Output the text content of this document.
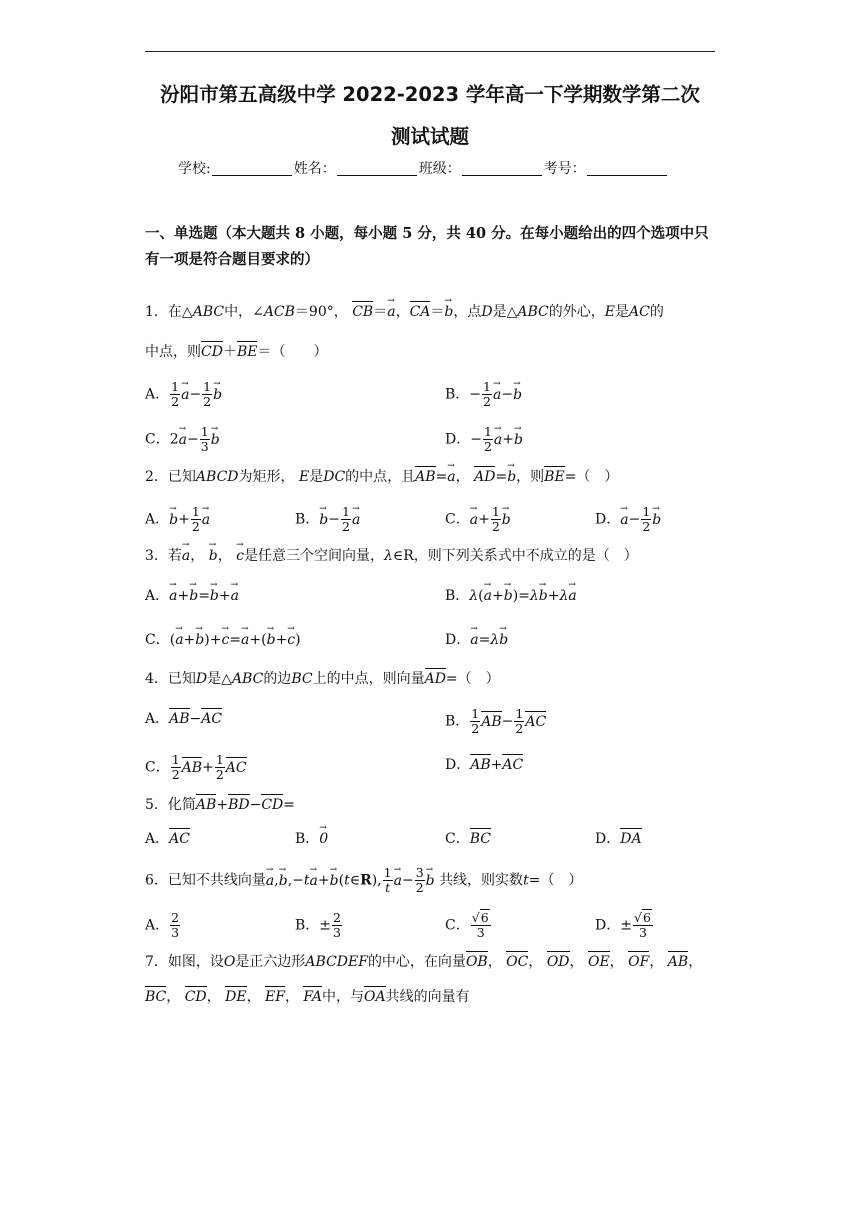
汾阳市第五高级中学 2022-2023 学年高一下学期数学第二次
测试试题
学校:	姓名：	班级：	考号：
一、单选题（本大题共 8 小题，每小题 5 分，共 40 分。在每小题给出的四个选项中只有一项是符合题目要求的）
1．在△ABC中，∠ACB＝90°， CB＝a →，CA＝b →，点D是△ABC的外心，E是AC的
中点，则CD＋BE＝（　　）
A． $\frac{1}{2}$ $a \to- \frac{1}{2}$ b →	B．− $\frac{1}{2}$ a →−b →
C．$2a \to- \frac{1}{3}$ b →	D．− $\frac{1}{2}$ a →+b →
2．已知ABCD为矩形， E是DC的中点，且AB=a →， AD=b →，则BE=（　）
A．$b \to+ \frac{1}{2}$ a →	B．$b \to- \frac{1}{2}$ a →	C．$a \to+ \frac{1}{2}$ b →	D．$a \to- \frac{1}{2}$ b →
3．若a →， b →， c →是任意三个空间向量，λ∈R，则下列关系式中不成立的是（　）
A．a →+b →=b →+a →	B．λ(a →+b →)=λb →+λa →
C．(a →+b →)+c →=a →+(b →+c →)	D．a →=λb →
4．已知D是△ABC的边BC上的中点，则向量AD=（　）
A．AB−AC	B． $\frac{1}{2} AB- \frac{1}{2}$ AC
C． $\frac{1}{2} AB+ \frac{1}{2}$ AC	D．AB+AC
5．化简AB+BD−CD=
A．AC	B．0 →	C．BC	D．DA
6．已知不共线向量a →,b →,−ta →+b →(t∈R), $\frac{1}{t}$ $a \to- \frac{3}{2}$ b → 共线，则实数t=（　）
A． $\frac{2}{3}$	B．± $\frac{2}{3}$	C． $\frac{√6}{3}$	D．± $\frac{√6}{3}$
7．如图，设O是正六边形ABCDEF的中心，在向量OB， OC， OD， OE， OF， AB，
BC， CD， DE， EF， FA中，与OA共线的向量有
